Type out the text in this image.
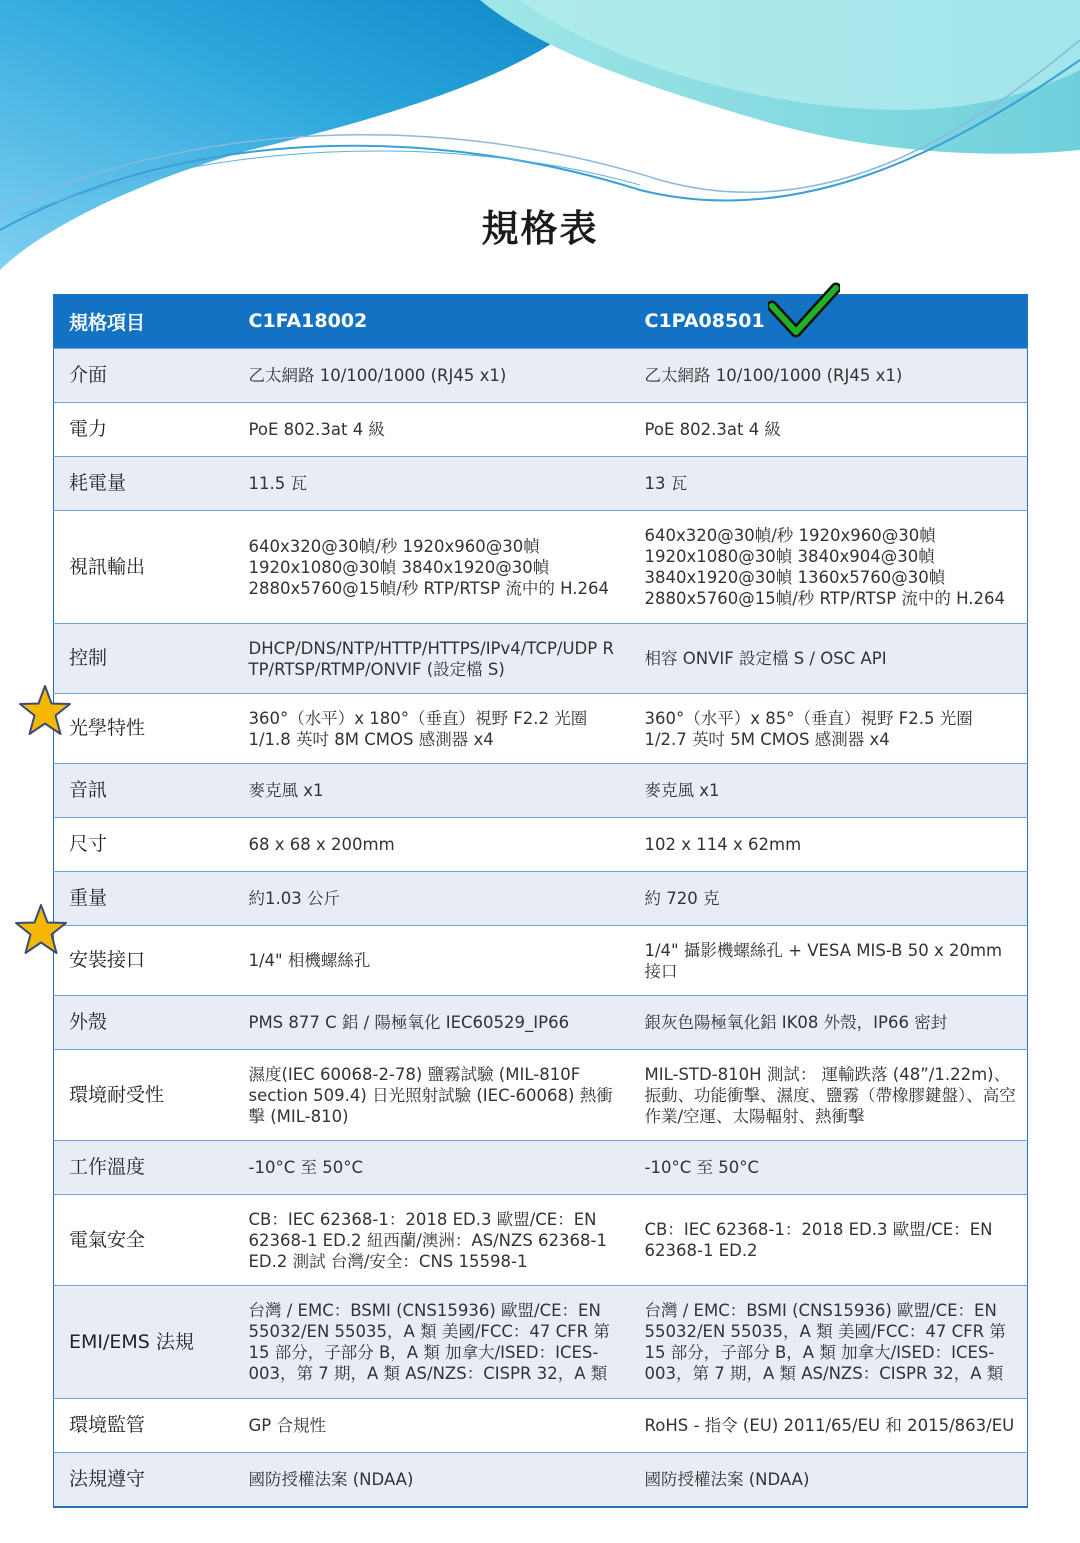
規格表
規格項目	C1FA18002	C1PA08501
介面	乙太網路 10/100/1000 (RJ45 x1)	乙太網路 10/100/1000 (RJ45 x1)
電力	PoE 802.3at 4 級	PoE 802.3at 4 級
耗電量	11.5 瓦	13 瓦
視訊輸出	640x320@30幀/秒 1920x960@30幀 1920x1080@30幀 3840x1920@30幀 2880x5760@15幀/秒 RTP/RTSP 流中的 H.264	640x320@30幀/秒 1920x960@30幀 1920x1080@30幀 3840x904@30幀 3840x1920@30幀 1360x5760@30幀 2880x5760@15幀/秒 RTP/RTSP 流中的 H.264
控制	DHCP/DNS/NTP/HTTP/HTTPS/IPv4/TCP/UDP RTP/RTSP/RTMP/ONVIF (設定檔 S)	相容 ONVIF 設定檔 S / OSC API
光學特性	360°（水平）x 180°（垂直）視野 F2.2 光圈 1/1.8 英吋 8M CMOS 感測器 x4	360°（水平）x 85°（垂直）視野 F2.5 光圈 1/2.7 英吋 5M CMOS 感測器 x4
音訊	麥克風 x1	麥克風 x1
尺寸	68 x 68 x 200mm	102 x 114 x 62mm
重量	約1.03 公斤	約 720 克
安裝接口	1/4" 相機螺絲孔	1/4" 攝影機螺絲孔 + VESA MIS-B 50 x 20mm 接口
外殼	PMS 877 C 鋁 / 陽極氧化 IEC60529_IP66	銀灰色陽極氧化鋁 IK08 外殼，IP66 密封
環境耐受性	濕度(IEC 60068-2-78) 鹽霧試驗 (MIL-810F section 509.4) 日光照射試驗 (IEC-60068) 熱衝擊 (MIL-810)	MIL-STD-810H 測試： 運輸跌落 (48”/1.22m)、振動、功能衝擊、濕度、鹽霧（帶橡膠鍵盤）、高空作業/空運、太陽輻射、熱衝擊
工作溫度	-10°C 至 50°C	-10°C 至 50°C
電氣安全	CB：IEC 62368-1：2018 ED.3 歐盟/CE：EN 62368-1 ED.2 紐西蘭/澳洲：AS/NZS 62368-1 ED.2 測試 台灣/安全：CNS 15598-1	CB：IEC 62368-1：2018 ED.3 歐盟/CE：EN 62368-1 ED.2
EMI/EMS 法規	台灣 / EMC：BSMI (CNS15936) 歐盟/CE：EN 55032/EN 55035，A 類 美國/FCC：47 CFR 第 15 部分，子部分 B，A 類 加拿大/ISED：ICES-003，第 7 期，A 類 AS/NZS：CISPR 32，A 類	台灣 / EMC：BSMI (CNS15936) 歐盟/CE：EN 55032/EN 55035，A 類 美國/FCC：47 CFR 第 15 部分，子部分 B，A 類 加拿大/ISED：ICES-003，第 7 期，A 類 AS/NZS：CISPR 32，A 類
環境監管	GP 合規性	RoHS - 指令 (EU) 2011/65/EU 和 2015/863/EU
法規遵守	國防授權法案 (NDAA)	國防授權法案 (NDAA)
